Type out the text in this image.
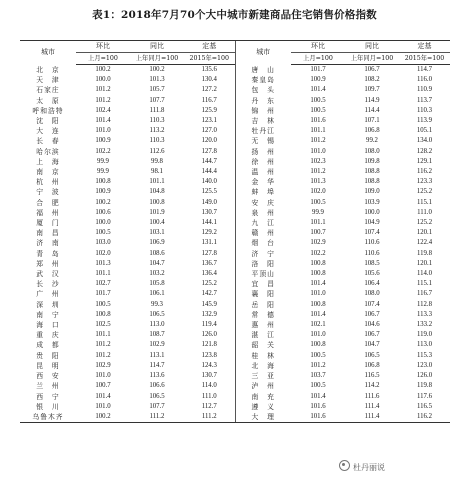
表1：2018年7月70个大中城市新建商品住宅销售价格指数
城市	环比	同比	定基	城市	环比	同比	定基
	上月=100	上年同月=100	2015年=100		上月=100	上年同月=100	2015年=100
北　京	100.2	100.2	135.6	唐　山	101.7	106.7	114.7
天　津	100.0	101.3	130.4	秦皇岛	100.9	108.2	116.0
石家庄	101.2	105.7	127.2	包　头	101.4	109.7	110.9
太　原	101.2	107.7	116.7	丹　东	100.5	114.9	113.7
呼和浩特	102.4	111.8	125.9	锦　州	100.5	114.4	110.3
沈　阳	101.4	110.3	123.1	吉　林	101.6	107.1	113.9
大　连	101.0	113.2	127.0	牡丹江	101.1	106.8	105.1
长　春	100.9	110.3	120.0	无　锡	101.2	99.2	134.0
哈尔滨	102.2	112.6	127.8	扬　州	101.0	108.0	128.2
上　海	99.9	99.8	144.7	徐　州	102.3	109.8	129.1
南　京	99.9	98.1	144.4	温　州	101.2	108.8	116.2
杭　州	100.8	101.1	140.0	金　华	101.3	108.8	123.3
宁　波	100.9	104.8	125.5	蚌　埠	102.0	109.0	125.2
合　肥	100.2	100.8	149.0	安　庆	100.5	103.9	115.1
福　州	100.6	101.9	130.7	泉　州	99.9	100.0	111.0
厦　门	100.0	100.4	144.1	九　江	101.1	104.9	125.2
南　昌	100.5	103.1	129.2	赣　州	100.7	107.4	120.1
济　南	103.0	106.9	131.1	烟　台	102.9	110.6	122.4
青　岛	102.0	108.6	127.8	济　宁	102.2	110.6	119.8
郑　州	101.3	104.7	136.7	洛　阳	100.8	108.5	120.1
武　汉	101.1	103.2	136.4	平顶山	100.8	105.6	114.0
长　沙	102.7	105.8	125.2	宜　昌	101.4	106.4	115.1
广　州	101.7	106.1	142.7	襄　阳	101.0	108.0	116.7
深　圳	100.5	99.3	145.9	岳　阳	100.8	107.4	112.8
南　宁	100.8	106.5	132.9	常　德	101.4	106.7	113.3
海　口	102.5	113.0	119.4	惠　州	102.1	104.6	133.2
重　庆	101.1	108.7	126.0	湛　江	101.0	106.7	119.0
成　都	101.2	102.9	121.8	韶　关	100.8	104.7	113.0
贵　阳	101.2	113.1	123.8	桂　林	100.5	106.5	115.3
昆　明	102.9	114.7	124.3	北　海	101.2	106.8	123.0
西　安	101.0	113.6	130.7	三　亚	103.7	116.5	126.0
兰　州	100.7	106.6	114.0	泸　州	100.5	114.2	119.8
西　宁	101.4	106.5	111.0	南　充	101.4	111.6	117.6
银　川	101.0	107.7	112.7	遵　义	101.6	111.4	116.5
乌鲁木齐	100.2	111.2	111.2	大　理	101.6	111.4	116.2
杜丹丽说
